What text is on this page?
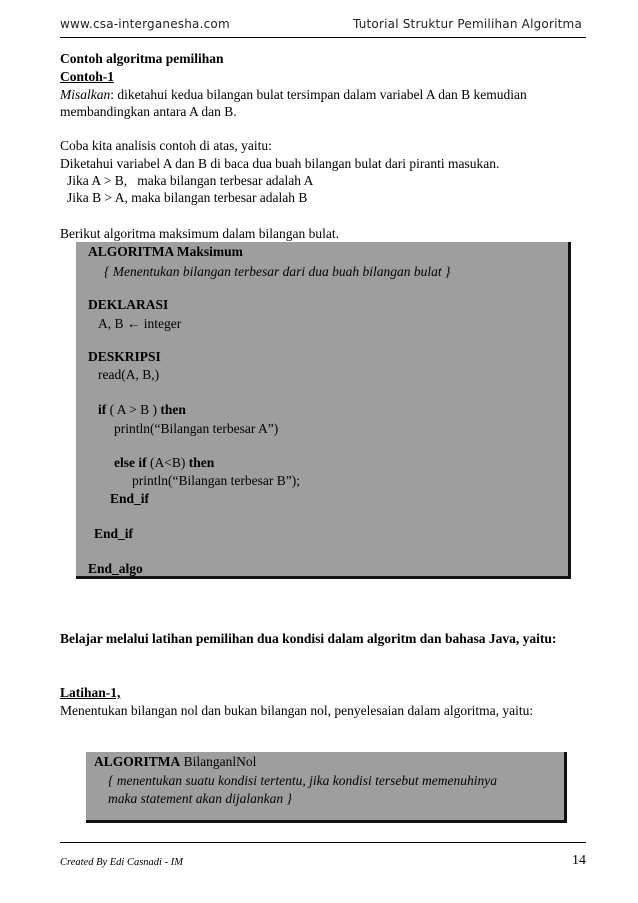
www.csa-interganesha.com	Tutorial Struktur Pemilihan Algoritma
Contoh algoritma pemilihan
Contoh-1
Misalkan: diketahui kedua bilangan bulat tersimpan dalam variabel A dan B kemudian
membandingkan antara A dan B.
Coba kita analisis contoh di atas, yaitu:
Diketahui variabel A dan B di baca dua buah bilangan bulat dari piranti masukan.
Jika A > B,   maka bilangan terbesar adalah A
Jika B > A, maka bilangan terbesar adalah B
Berikut algoritma maksimum dalam bilangan bulat.
ALGORITMA Maksimum
{ Menentukan bilangan terbesar dari dua buah bilangan bulat }
DEKLARASI
A, B ← integer
DESKRIPSI
read(A, B,)
if ( A > B ) then
println(“Bilangan terbesar A”)
else if (A<B) then
println(“Bilangan terbesar B”);
End_if
End_if
End_algo
Belajar melalui latihan pemilihan dua kondisi dalam algoritm dan bahasa Java, yaitu:
Latihan-1,
Menentukan bilangan nol dan bukan bilangan nol, penyelesaian dalam algoritma, yaitu:
ALGORITMA BilanganlNol
{ menentukan suatu kondisi tertentu, jika kondisi tersebut memenuhinya
maka statement akan dijalankan }
Created By Edi Casnadi - IM	14
